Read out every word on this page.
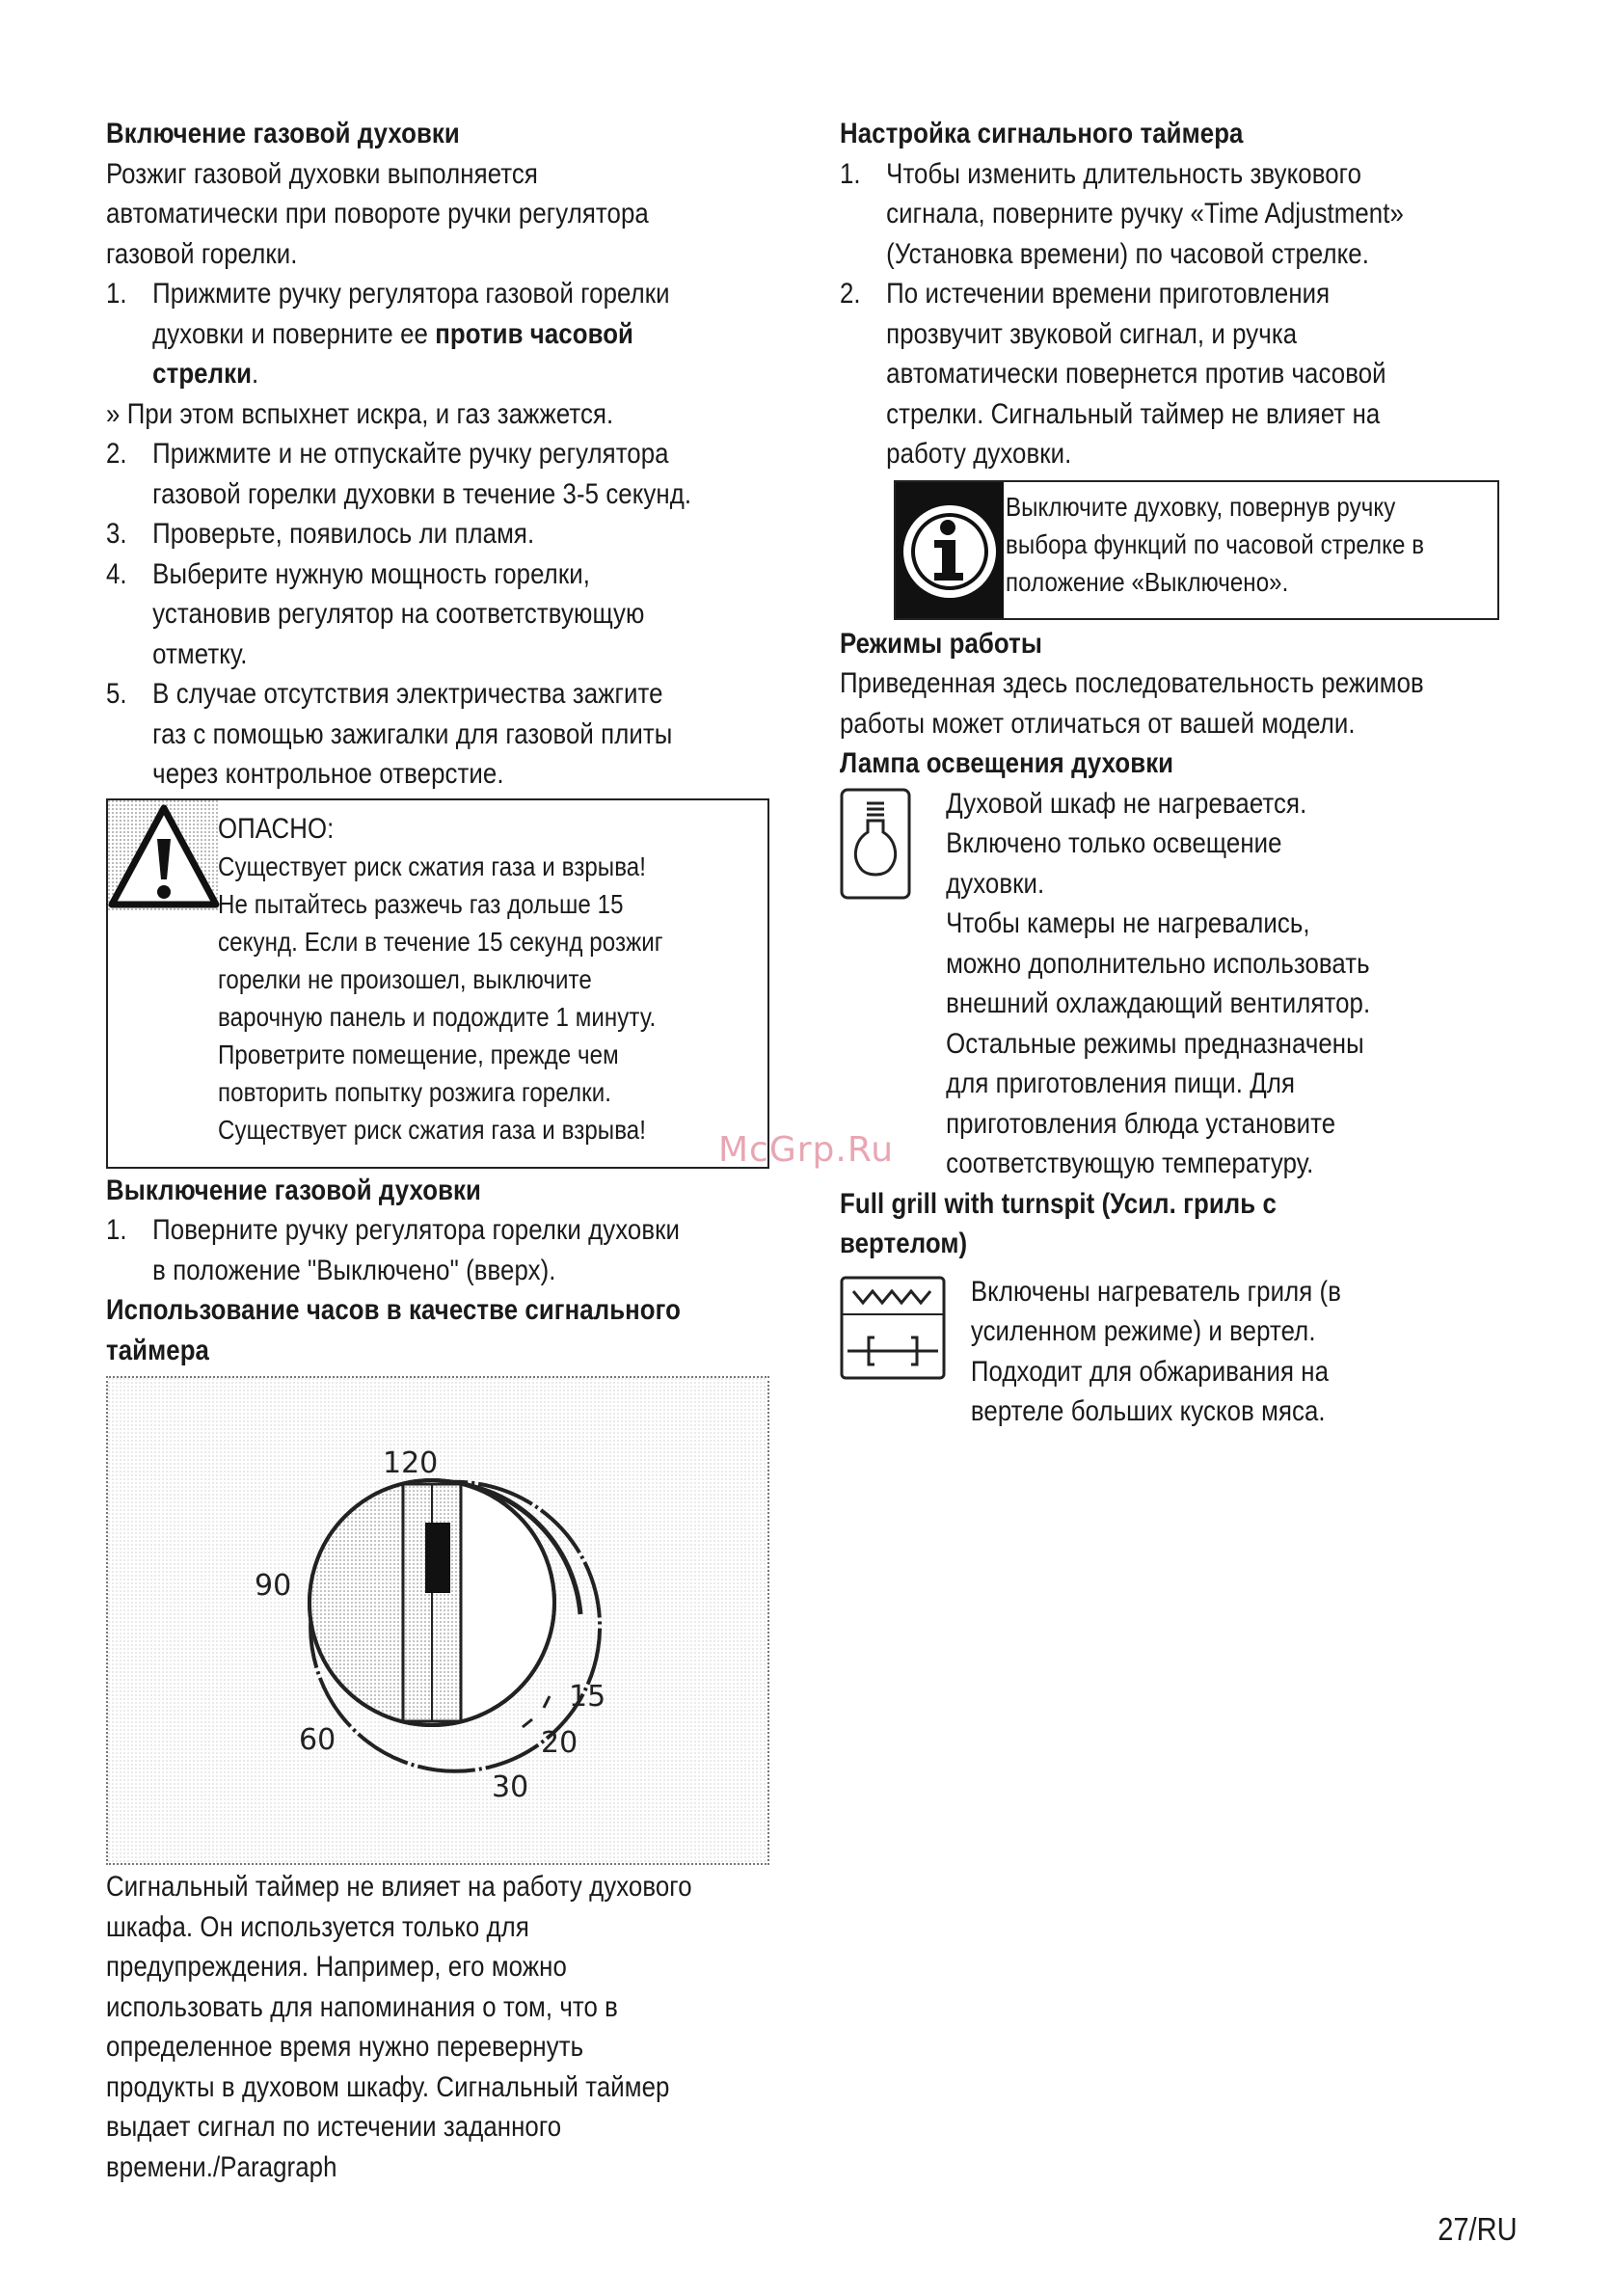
Включение газовой духовки
Розжиг газовой духовки выполняется
автоматически при повороте ручки регулятора
газовой горелки.
1. Прижмите ручку регулятора газовой горелки
духовки и поверните ее против часовой
стрелки.
» При этом вспыхнет искра, и газ зажжется.
2. Прижмите и не отпускайте ручку регулятора
газовой горелки духовки в течение 3-5 секунд.
3. Проверьте, появилось ли пламя.
4. Выберите нужную мощность горелки,
установив регулятор на соответствующую
отметку.
5. В случае отсутствия электричества зажгите
газ с помощью зажигалки для газовой плиты
через контрольное отверстие.
ОПАСНО:
Существует риск сжатия газа и взрыва!
Не пытайтесь разжечь газ дольше 15
секунд. Если в течение 15 секунд розжиг
горелки не произошел, выключите
варочную панель и подождите 1 минуту.
Проветрите помещение, прежде чем
повторить попытку розжига горелки.
Существует риск сжатия газа и взрыва!
Выключение газовой духовки
1. Поверните ручку регулятора горелки духовки
в положение "Выключено" (вверх).
Использование часов в качестве сигнального
таймера
120
90
60
30
20
15
Сигнальный таймер не влияет на работу духового
шкафа. Он используется только для
предупреждения. Например, его можно
использовать для напоминания о том, что в
определенное время нужно перевернуть
продукты в духовом шкафу. Сигнальный таймер
выдает сигнал по истечении заданного
времени./Paragraph
Настройка сигнального таймера
1. Чтобы изменить длительность звукового
сигнала, поверните ручку «Time Adjustment»
(Установка времени) по часовой стрелке.
2. По истечении времени приготовления
прозвучит звуковой сигнал, и ручка
автоматически повернется против часовой
стрелки. Сигнальный таймер не влияет на
работу духовки.
Выключите духовку, повернув ручку
выбора функций по часовой стрелке в
положение «Выключено».
Режимы работы
Приведенная здесь последовательность режимов
работы может отличаться от вашей модели.
Лампа освещения духовки
Духовой шкаф не нагревается.
Включено только освещение
духовки.
Чтобы камеры не нагревались,
можно дополнительно использовать
внешний охлаждающий вентилятор.
Остальные режимы предназначены
для приготовления пищи. Для
приготовления блюда установите
соответствующую температуру.
Full grill with turnspit (Усил. гриль с
вертелом)
Включены нагреватель гриля (в
усиленном режиме) и вертел.
Подходит для обжаривания на
вертеле больших кусков мяса.
McGrp.Ru
27/RU
